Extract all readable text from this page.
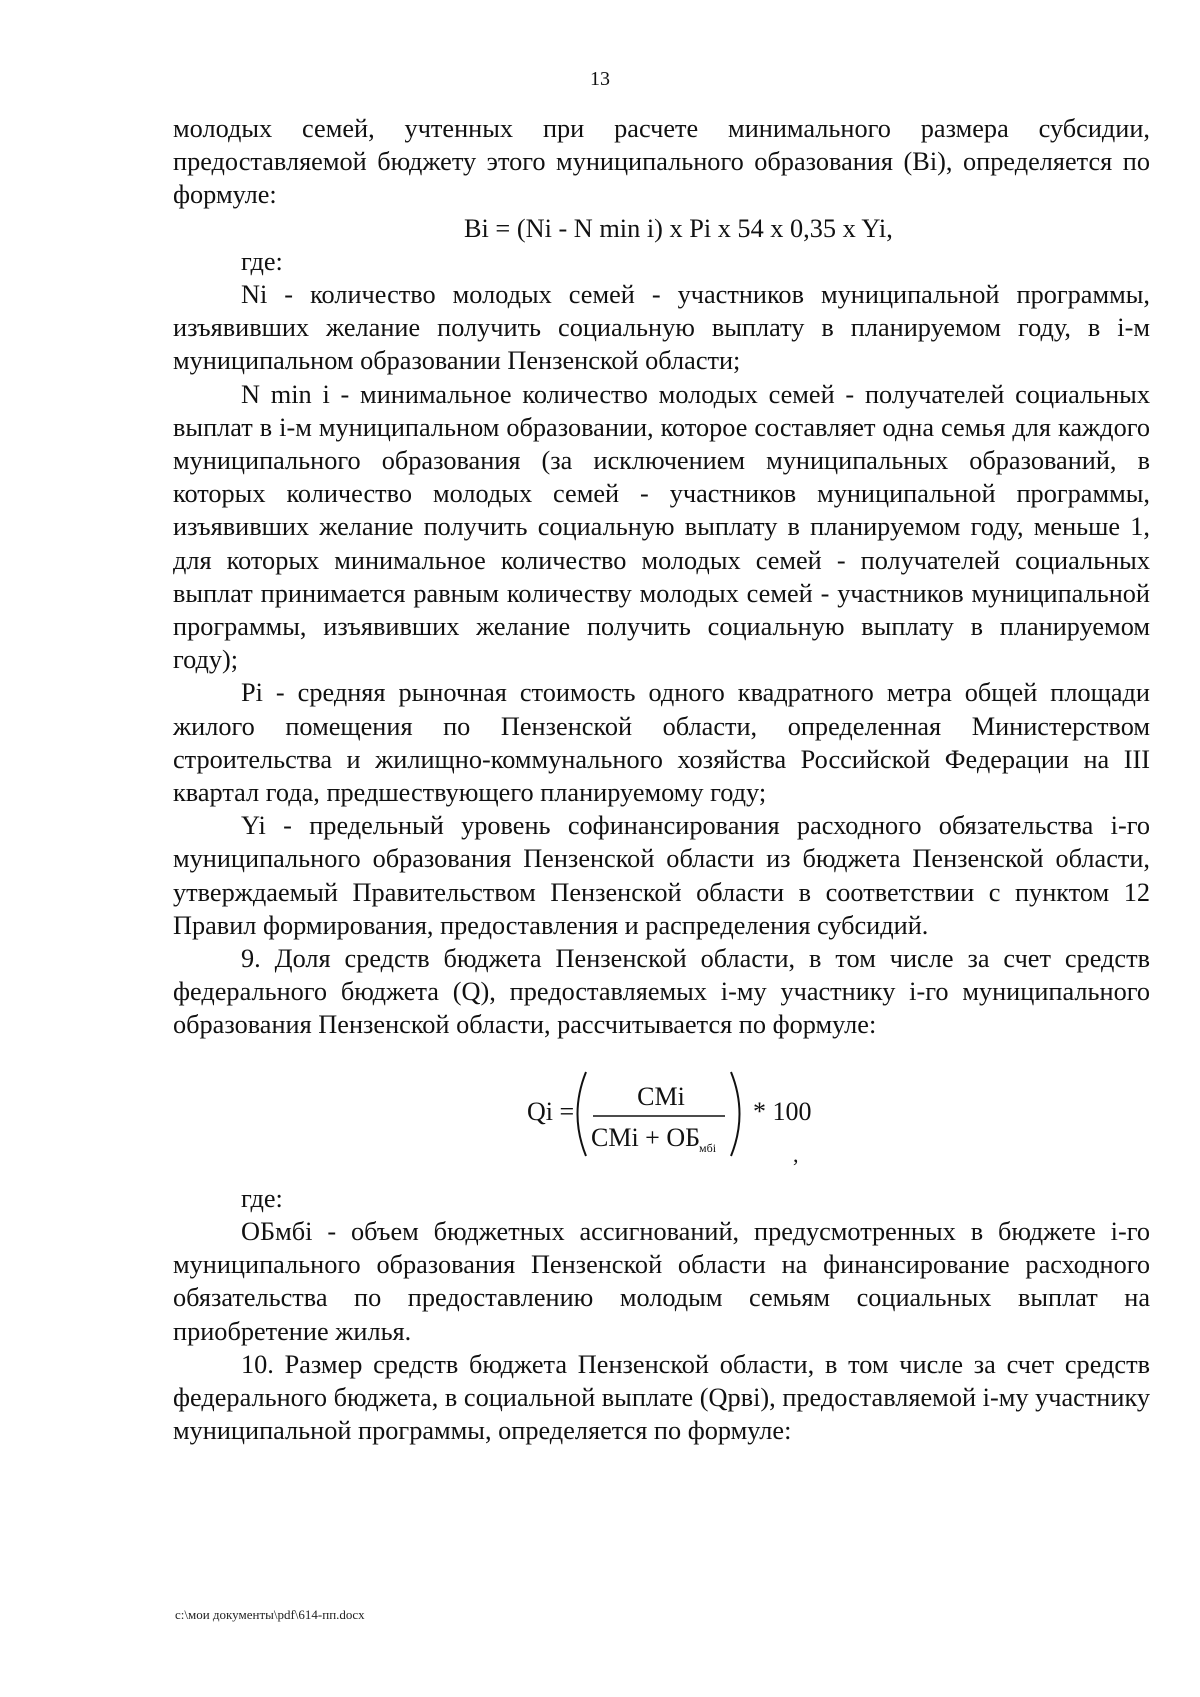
13

молодых семей, учтенных при расчете минимального размера субсидии, предоставляемой бюджету этого муниципального образования (Вi), определяется по формуле:

Вi = (Ni - N min i) x Pi x 54 x 0,35 x Yi,

где:

Ni - количество молодых семей - участников муниципальной программы, изъявивших желание получить социальную выплату в планируемом году, в i-м муниципальном образовании Пензенской области;

N min i - минимальное количество молодых семей - получателей социальных выплат в i-м муниципальном образовании, которое составляет одна семья для каждого муниципального образования (за исключением муниципальных образований, в которых количество молодых семей - участников муниципальной программы, изъявивших желание получить социальную выплату в планируемом году, меньше 1, для которых минимальное количество молодых семей - получателей социальных выплат принимается равным количеству молодых семей - участников муниципальной программы, изъявивших желание получить социальную выплату в планируемом году);

Pi - средняя рыночная стоимость одного квадратного метра общей площади жилого помещения по Пензенской области, определенная Министерством строительства и жилищно-коммунального хозяйства Российской Федерации на III квартал года, предшествующего планируемому году;

Yi - предельный уровень софинансирования расходного обязательства i-го муниципального образования Пензенской области из бюджета Пензенской области, утверждаемый Правительством Пензенской области в соответствии с пунктом 12 Правил формирования, предоставления и распределения субсидий.

9. Доля средств бюджета Пензенской области, в том числе за счет средств федерального бюджета (Q), предоставляемых i-му участнику i-го муниципального образования Пензенской области, рассчитывается по формуле:

Qi =
СМi
СМi + ОБ
мбi
* 100
,

где:

ОБмбi - объем бюджетных ассигнований, предусмотренных в бюджете i-го муниципального образования Пензенской области на финансирование расходного обязательства по предоставлению молодым семьям социальных выплат на приобретение жилья.

10. Размер средств бюджета Пензенской области, в том числе за счет средств федерального бюджета, в социальной выплате (Qрвi), предоставляемой i-му участнику муниципальной программы, определяется по формуле:

c:\мои документы\pdf\614-пп.docx
